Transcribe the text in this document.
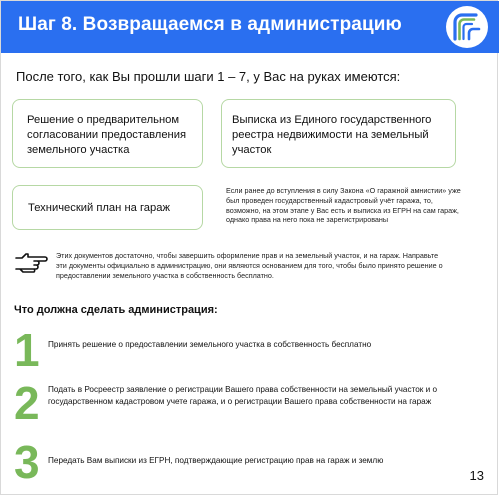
Шаг 8. Возвращаемся в администрацию
После того, как Вы прошли шаги 1 – 7, у Вас на руках имеются:
Решение о предварительном согласовании предоставления земельного участка
Выписка из Единого государственного реестра недвижимости на земельный участок
Технический план на гараж
Если ранее до вступления в силу Закона «О гаражной амнистии» уже был проведен государственный кадастровый учёт гаража, то, возможно, на этом этапе у Вас есть и выписка из ЕГРН на сам гараж, однако права на него пока не зарегистрированы
Этих документов достаточно, чтобы завершить оформление прав и на земельный участок, и на гараж. Направьте эти документы официально в администрацию, они являются основанием для того, чтобы было принято решение о предоставлении земельного участка в собственность бесплатно.
Что должна сделать администрация:
1 Принять решение о предоставлении земельного участка в собственность бесплатно
2 Подать в Росреестр заявление о регистрации Вашего права собственности на земельный участок и о государственном кадастровом учете гаража, и о регистрации Вашего права собственности на гараж
3 Передать Вам выписки из ЕГРН, подтверждающие регистрацию прав на гараж и землю
13
